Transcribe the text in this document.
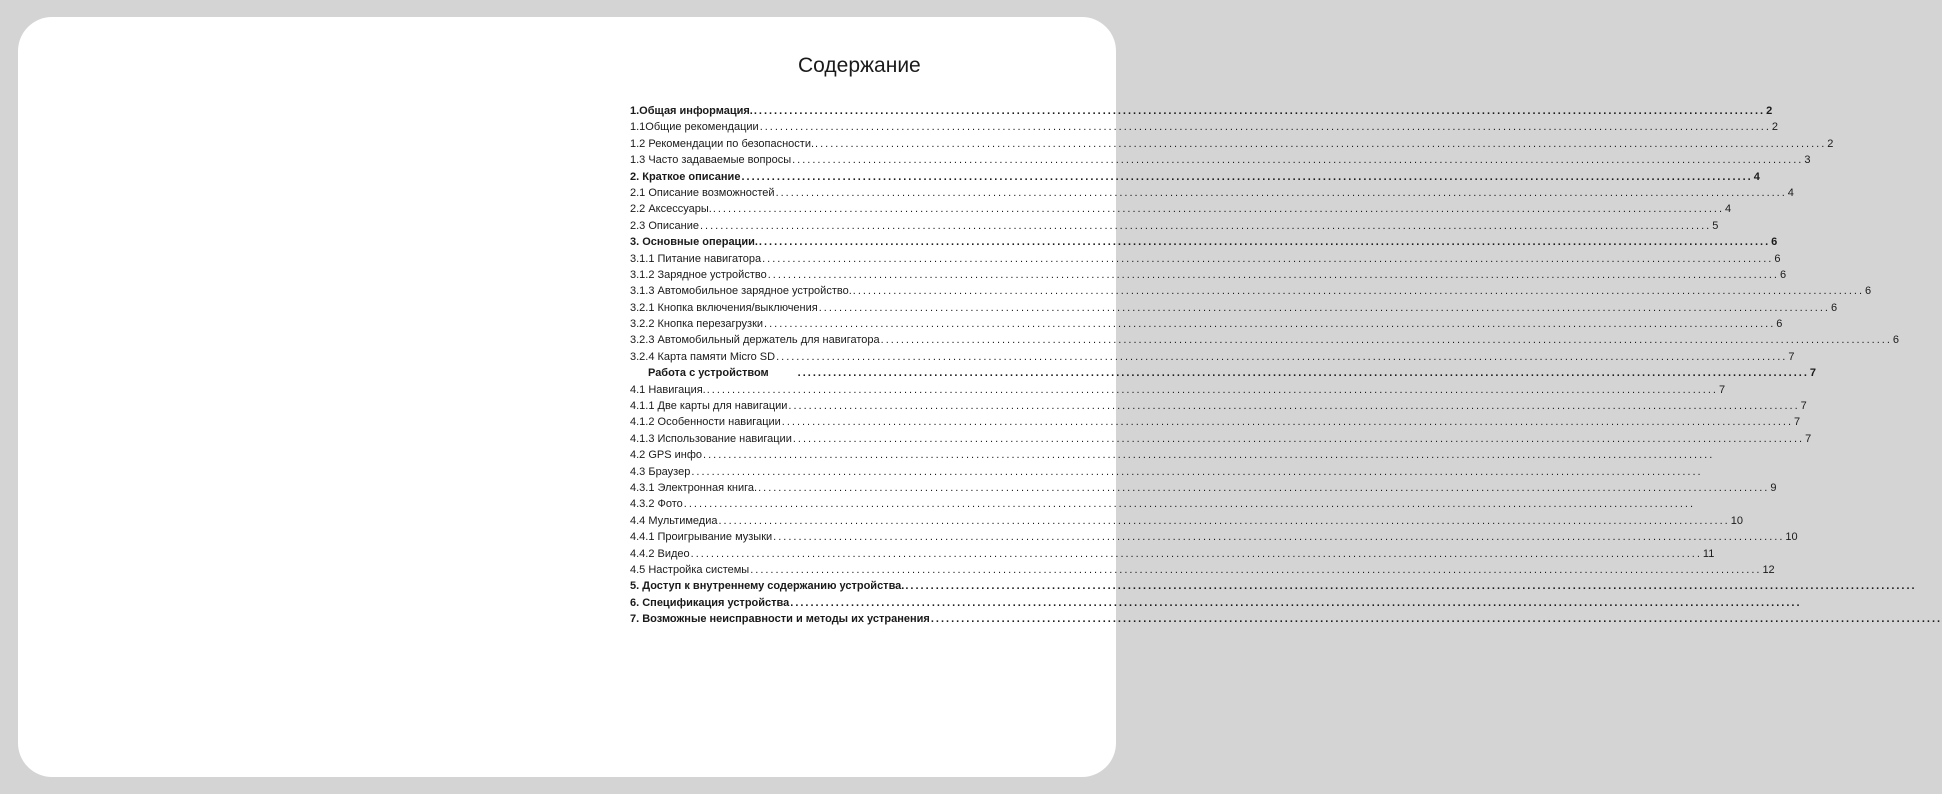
Содержание
1.Общая информация. ........................................................................................................................................................................................................ 2
1.1Общие рекомендации ........................................................................................................................................................................................................ 2
1.2 Рекомендации по безопасности. ........................................................................................................................................................................................................ 2
1.3 Часто задаваемые вопросы ........................................................................................................................................................................................................ 3
2. Краткое описание ........................................................................................................................................................................................................ 4
2.1 Описание возможностей ........................................................................................................................................................................................................ 4
2.2 Аксессуары. ........................................................................................................................................................................................................ 4
2.3 Описание ........................................................................................................................................................................................................ 5
3. Основные операции. ........................................................................................................................................................................................................ 6
3.1.1 Питание навигатора ........................................................................................................................................................................................................ 6
3.1.2 Зарядное устройство ........................................................................................................................................................................................................ 6
3.1.3 Автомобильное зарядное устройство. ........................................................................................................................................................................................................ 6
3.2.1 Кнопка включения/выключения ........................................................................................................................................................................................................ 6
3.2.2 Кнопка перезагрузки ........................................................................................................................................................................................................ 6
3.2.3 Автомобильный держатель для навигатора ........................................................................................................................................................................................................ 6
3.2.4 Карта памяти Micro SD ........................................................................................................................................................................................................ 7
Работа с устройством	........................................................................................................................................................................................................ 7
4.1 Навигация. ........................................................................................................................................................................................................ 7
4.1.1 Две карты для навигации ........................................................................................................................................................................................................ 7
4.1.2 Особенности навигации ........................................................................................................................................................................................................ 7
4.1.3 Использование навигации ........................................................................................................................................................................................................ 7
4.2 GPS инфо ........................................................................................................................................................................................................
4.3 Браузер ........................................................................................................................................................................................................
4.3.1 Электронная книга. ........................................................................................................................................................................................................ 9
4.3.2 Фото ........................................................................................................................................................................................................
4.4 Мультимедиа ........................................................................................................................................................................................................ 10
4.4.1 Проигрывание музыки ........................................................................................................................................................................................................ 10
4.4.2 Видео ........................................................................................................................................................................................................ 11
4.5 Настройка системы ........................................................................................................................................................................................................ 12
5. Доступ к внутреннему содержанию устройства. ........................................................................................................................................................................................................
6. Спецификация устройства ........................................................................................................................................................................................................
7. Возможные неисправности и методы их устранения ........................................................................................................................................................................................................
